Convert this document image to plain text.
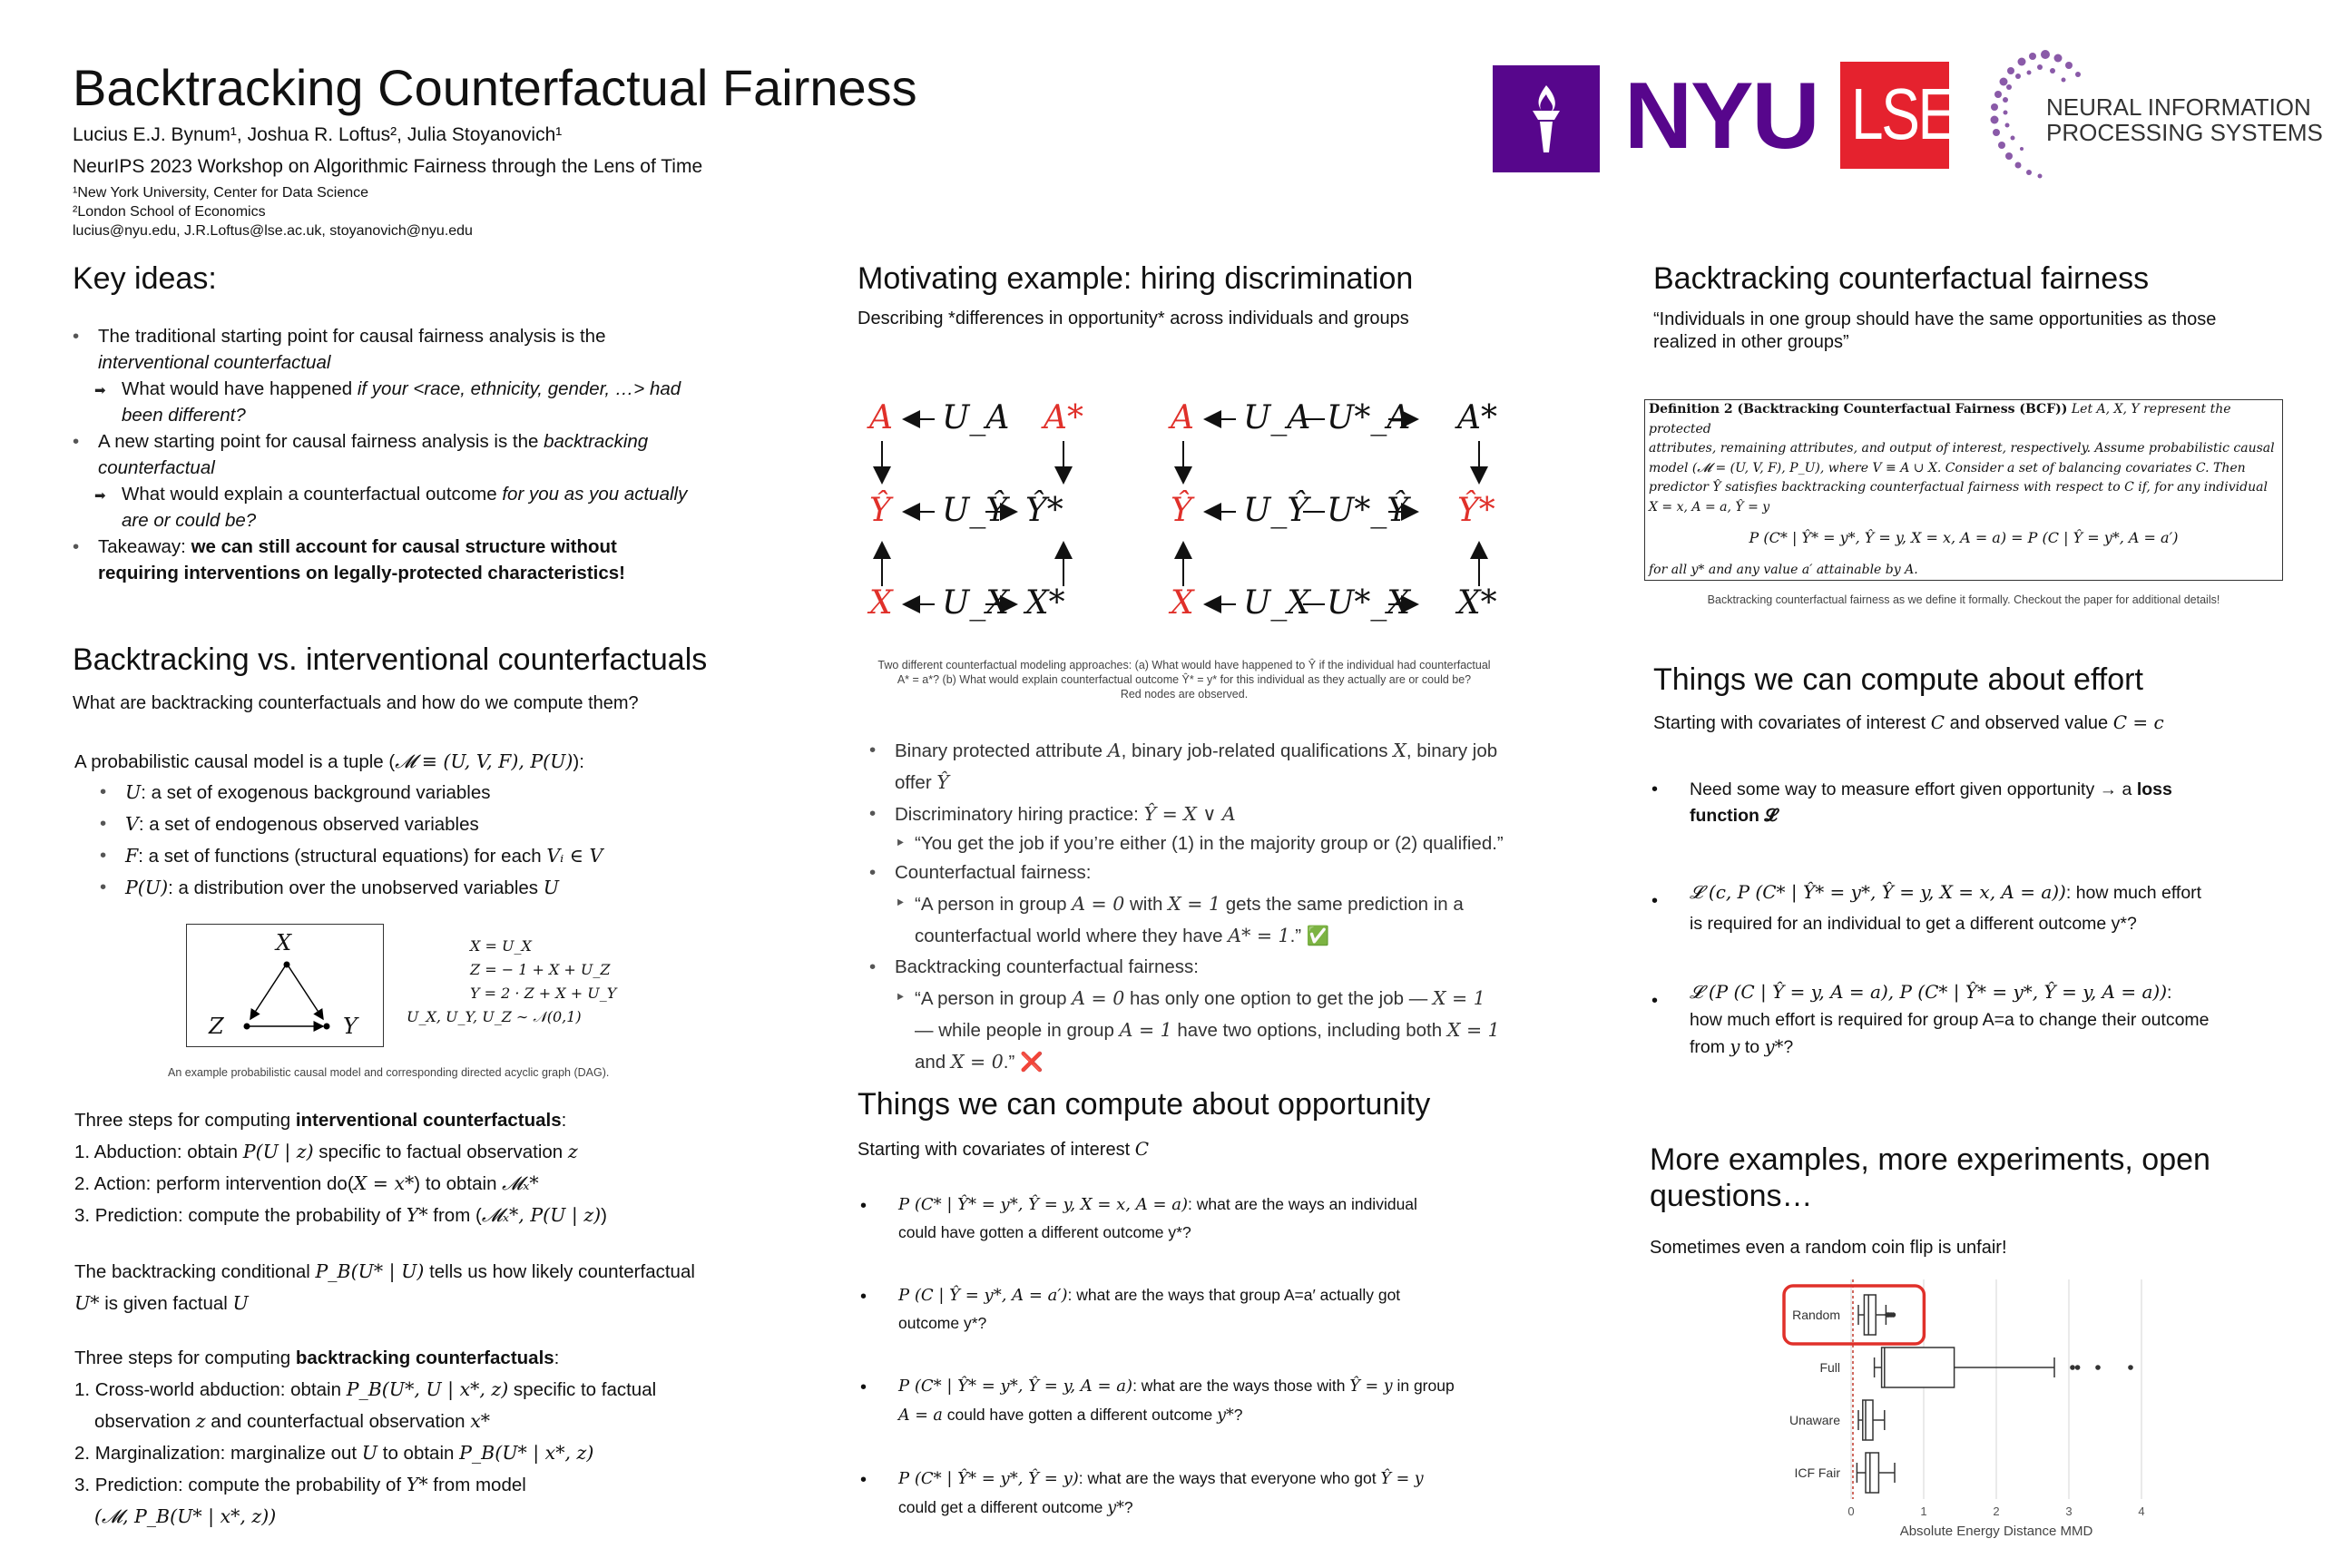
Backtracking Counterfactual Fairness
Lucius E.J. Bynum¹, Joshua R. Loftus², Julia Stoyanovich¹
NeurIPS 2023 Workshop on Algorithmic Fairness through the Lens of Time
¹New York University, Center for Data Science
²London School of Economics
lucius@nyu.edu, J.R.Loftus@lse.ac.uk, stoyanovich@nyu.edu
NYU LSE	NEURAL INFORMATION
PROCESSING SYSTEMS
Key ideas:
• The traditional starting point for causal fairness analysis is the
interventional counterfactual
➡ What would have happened if your <race, ethnicity, gender, …> had
been different?
• A new starting point for causal fairness analysis is the backtracking
counterfactual
➡ What would explain a counterfactual outcome for you as you actually
are or could be?
• Takeaway: we can still account for causal structure without
requiring interventions on legally-protected characteristics!
Backtracking vs. interventional counterfactuals
What are backtracking counterfactuals and how do we compute them?
A probabilistic causal model is a tuple (𝓜 ≡ (U, V, F), P(U)):
• U: a set of exogenous background variables
• V: a set of endogenous observed variables
• F: a set of functions (structural equations) for each Vᵢ ∈ V
• P(U): a distribution over the unobserved variables U
X
Z	Y
X = U_X
Z = − 1 + X + U_Z
Y = 2 · Z + X + U_Y
U_X, U_Y, U_Z ∼ 𝒩(0,1)
An example probabilistic causal model and corresponding directed acyclic graph (DAG).
Three steps for computing interventional counterfactuals:
1. Abduction: obtain P(U | z) specific to factual observation z
2. Action: perform intervention do(X = x*) to obtain 𝓜ₓ*
3. Prediction: compute the probability of Y* from (𝓜ₓ*, P(U | z))
The backtracking conditional P_B(U* | U) tells us how likely counterfactual
U* is given factual U
Three steps for computing backtracking counterfactuals:
1. Cross-world abduction: obtain P_B(U*, U | x*, z) specific to factual
observation z and counterfactual observation x*
2. Marginalization: marginalize out U to obtain P_B(U* | x*, z)
3. Prediction: compute the probability of Y* from model
(𝓜, P_B(U* | x*, z))
Motivating example: hiring discrimination
Describing *differences in opportunity* across individuals and groups
A U_A A*
Ŷ U_Ŷ Ŷ*
X U_X X*
A U_A U*_A A*
Ŷ U_Ŷ U*_Ŷ Ŷ*
X U_X U*_X X*
Two different counterfactual modeling approaches: (a) What would have happened to Ŷ if the individual had counterfactual
A* = a*? (b) What would explain counterfactual outcome Ŷ* = y* for this individual as they actually are or could be?
Red nodes are observed.
• Binary protected attribute A, binary job-related qualifications X, binary job
offer Ŷ
• Discriminatory hiring practice: Ŷ = X ∨ A
‣ “You get the job if you’re either (1) in the majority group or (2) qualified.”
• Counterfactual fairness:
‣ “A person in group A = 0 with X = 1 gets the same prediction in a
counterfactual world where they have A* = 1.” ✅
• Backtracking counterfactual fairness:
‣ “A person in group A = 0 has only one option to get the job — X = 1
— while people in group A = 1 have two options, including both X = 1
and X = 0.” ❌
Things we can compute about opportunity
Starting with covariates of interest C
• P (C* | Ŷ* = y*, Ŷ = y, X = x, A = a): what are the ways an individual
could have gotten a different outcome y*?
• P (C | Ŷ = y*, A = a′): what are the ways that group A=a′ actually got
outcome y*?
• P (C* | Ŷ* = y*, Ŷ = y, A = a): what are the ways those with Ŷ = y in group
A = a could have gotten a different outcome y*?
• P (C* | Ŷ* = y*, Ŷ = y): what are the ways that everyone who got Ŷ = y
could get a different outcome y*?
Backtracking counterfactual fairness
“Individuals in one group should have the same opportunities as those
realized in other groups”
Definition 2 (Backtracking Counterfactual Fairness (BCF)) Let A, X, Y represent the protected
attributes, remaining attributes, and output of interest, respectively. Assume probabilistic causal
model (𝓜 = (U, V, F), P_U), where V ≡ A ∪ X. Consider a set of balancing covariates C. Then
predictor Ŷ satisfies backtracking counterfactual fairness with respect to C if, for any individual
X = x, A = a, Ŷ = y
P (C* | Ŷ* = y*, Ŷ = y, X = x, A = a) = P (C | Ŷ = y*, A = a′)
for all y* and any value a′ attainable by A.
Backtracking counterfactual fairness as we define it formally. Checkout the paper for additional details!
Things we can compute about effort
Starting with covariates of interest C and observed value C = c
• Need some way to measure effort given opportunity → a loss
function 𝓛
• 𝓛 (c, P (C* | Ŷ* = y*, Ŷ = y, X = x, A = a)): how much effort
is required for an individual to get a different outcome y*?
• 𝓛 (P (C | Ŷ = y, A = a), P (C* | Ŷ* = y*, Ŷ = y, A = a)):
how much effort is required for group A=a to change their outcome
from y to y*?
More examples, more experiments, open
questions…
Sometimes even a random coin flip is unfair!
0	1	2	3	4
Absolute Energy Distance MMD
Random
Full
Unaware
ICF Fair
